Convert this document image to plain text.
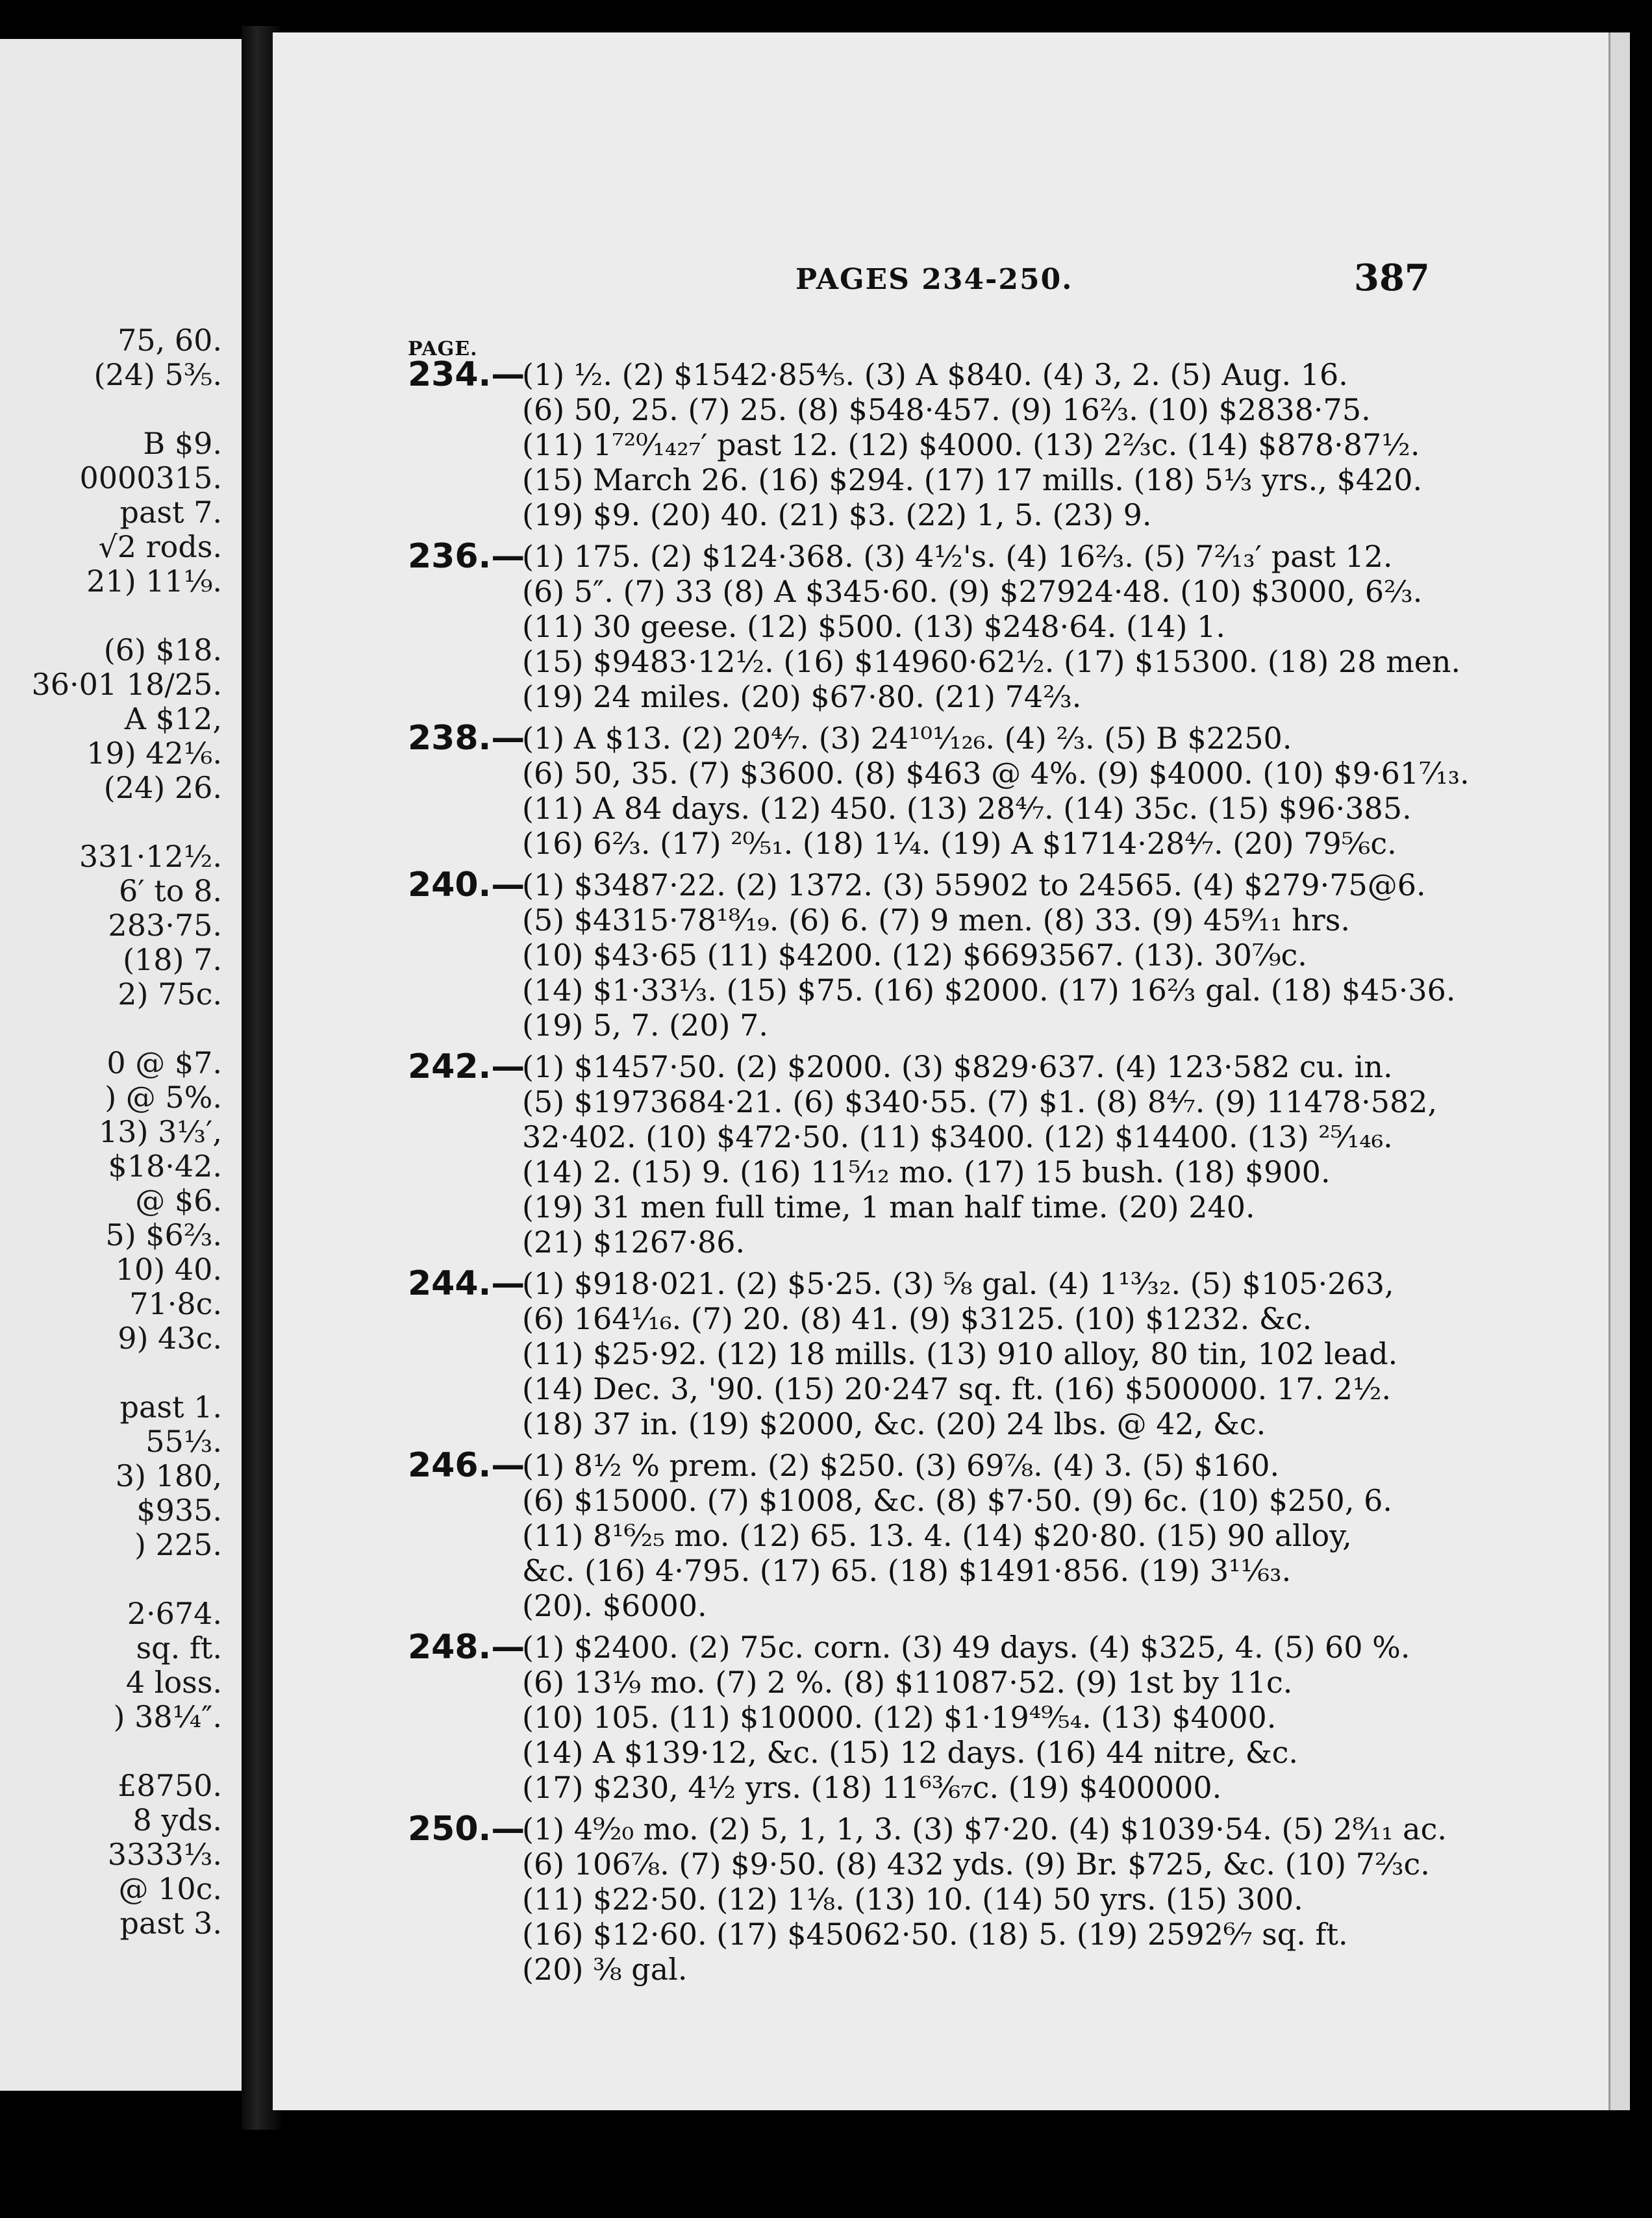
75, 60.
(24) 5⅗.
B $9.
0000315.
past 7.
√2 rods.
21) 11⅑.
(6) $18.
36·01 18/25.
A $12,
19) 42⅙.
(24) 26.
331·12½.
6′ to 8.
283·75.
(18) 7.
2) 75c.
0 @ $7.
) @ 5%.
13) 3⅓′,
$18·42.
@ $6.
5) $6⅔.
10) 40.
71·8c.
9) 43c.
past 1.
55⅓.
3) 180,
$935.
) 225.
2·674.
sq. ft.
4 loss.
) 38¼″.
£8750.
8 yds.
3333⅓.
@ 10c.
past 3.
PAGES 234-250.	387
PAGE.
234.—
(1) ½. (2) $1542·85⅘. (3) A $840. (4) 3, 2. (5) Aug. 16.
(6) 50, 25. (7) 25. (8) $548·457. (9) 16⅔. (10) $2838·75.
(11) 1⁷²⁰⁄₁₄₂₇′ past 12. (12) $4000. (13) 2⅔c. (14) $878·87½.
(15) March 26. (16) $294. (17) 17 mills. (18) 5⅓ yrs., $420.
(19) $9. (20) 40. (21) $3. (22) 1, 5. (23) 9.
236.—
(1) 175. (2) $124·368. (3) 4½'s. (4) 16⅔. (5) 7²⁄₁₃′ past 12.
(6) 5″. (7) 33 (8) A $345·60. (9) $27924·48. (10) $3000, 6⅔.
(11) 30 geese. (12) $500. (13) $248·64. (14) 1.
(15) $9483·12½. (16) $14960·62½. (17) $15300. (18) 28 men.
(19) 24 miles. (20) $67·80. (21) 74⅔.
238.—
(1) A $13. (2) 20⁴⁄₇. (3) 24¹⁰¹⁄₁₂₆. (4) ⅔. (5) B $2250.
(6) 50, 35. (7) $3600. (8) $463 @ 4%. (9) $4000. (10) $9·61⁷⁄₁₃.
(11) A 84 days. (12) 450. (13) 28⁴⁄₇. (14) 35c. (15) $96·385.
(16) 6⅔. (17) ²⁰⁄₅₁. (18) 1¼. (19) A $1714·28⁴⁄₇. (20) 79⅚c.
240.—
(1) $3487·22. (2) 1372. (3) 55902 to 24565. (4) $279·75@6.
(5) $4315·78¹⁸⁄₁₉. (6) 6. (7) 9 men. (8) 33. (9) 45⁹⁄₁₁ hrs.
(10) $43·65 (11) $4200. (12) $6693567. (13). 30⁷⁄₉c.
(14) $1·33⅓. (15) $75. (16) $2000. (17) 16⅔ gal. (18) $45·36.
(19) 5, 7. (20) 7.
242.—
(1) $1457·50. (2) $2000. (3) $829·637. (4) 123·582 cu. in.
(5) $1973684·21. (6) $340·55. (7) $1. (8) 8⁴⁄₇. (9) 11478·582,
32·402. (10) $472·50. (11) $3400. (12) $14400. (13) ²⁵⁄₁₄₆.
(14) 2. (15) 9. (16) 11⁵⁄₁₂ mo. (17) 15 bush. (18) $900.
(19) 31 men full time, 1 man half time. (20) 240.
(21) $1267·86.
244.—
(1) $918·021. (2) $5·25. (3) ⅝ gal. (4) 1¹³⁄₃₂. (5) $105·263,
(6) 164¹⁄₁₆. (7) 20. (8) 41. (9) $3125. (10) $1232. &c.
(11) $25·92. (12) 18 mills. (13) 910 alloy, 80 tin, 102 lead.
(14) Dec. 3, '90. (15) 20·247 sq. ft. (16) $500000. 17. 2½.
(18) 37 in. (19) $2000, &c. (20) 24 lbs. @ 42, &c.
246.—
(1) 8½ % prem. (2) $250. (3) 69⅞. (4) 3. (5) $160.
(6) $15000. (7) $1008, &c. (8) $7·50. (9) 6c. (10) $250, 6.
(11) 8¹⁶⁄₂₅ mo. (12) 65. 13. 4. (14) $20·80. (15) 90 alloy,
&c. (16) 4·795. (17) 65. (18) $1491·856. (19) 3¹¹⁄₆₃.
(20). $6000.
248.—
(1) $2400. (2) 75c. corn. (3) 49 days. (4) $325, 4. (5) 60 %.
(6) 13⅑ mo. (7) 2 %. (8) $11087·52. (9) 1st by 11c.
(10) 105. (11) $10000. (12) $1·19⁴⁹⁄₅₄. (13) $4000.
(14) A $139·12, &c. (15) 12 days. (16) 44 nitre, &c.
(17) $230, 4½ yrs. (18) 11⁶³⁄₆₇c. (19) $400000.
250.—
(1) 4⁹⁄₂₀ mo. (2) 5, 1, 1, 3. (3) $7·20. (4) $1039·54. (5) 2⁸⁄₁₁ ac.
(6) 106⅞. (7) $9·50. (8) 432 yds. (9) Br. $725, &c. (10) 7⅔c.
(11) $22·50. (12) 1⅛. (13) 10. (14) 50 yrs. (15) 300.
(16) $12·60. (17) $45062·50. (18) 5. (19) 2592⁶⁄₇ sq. ft.
(20) ⅜ gal.
